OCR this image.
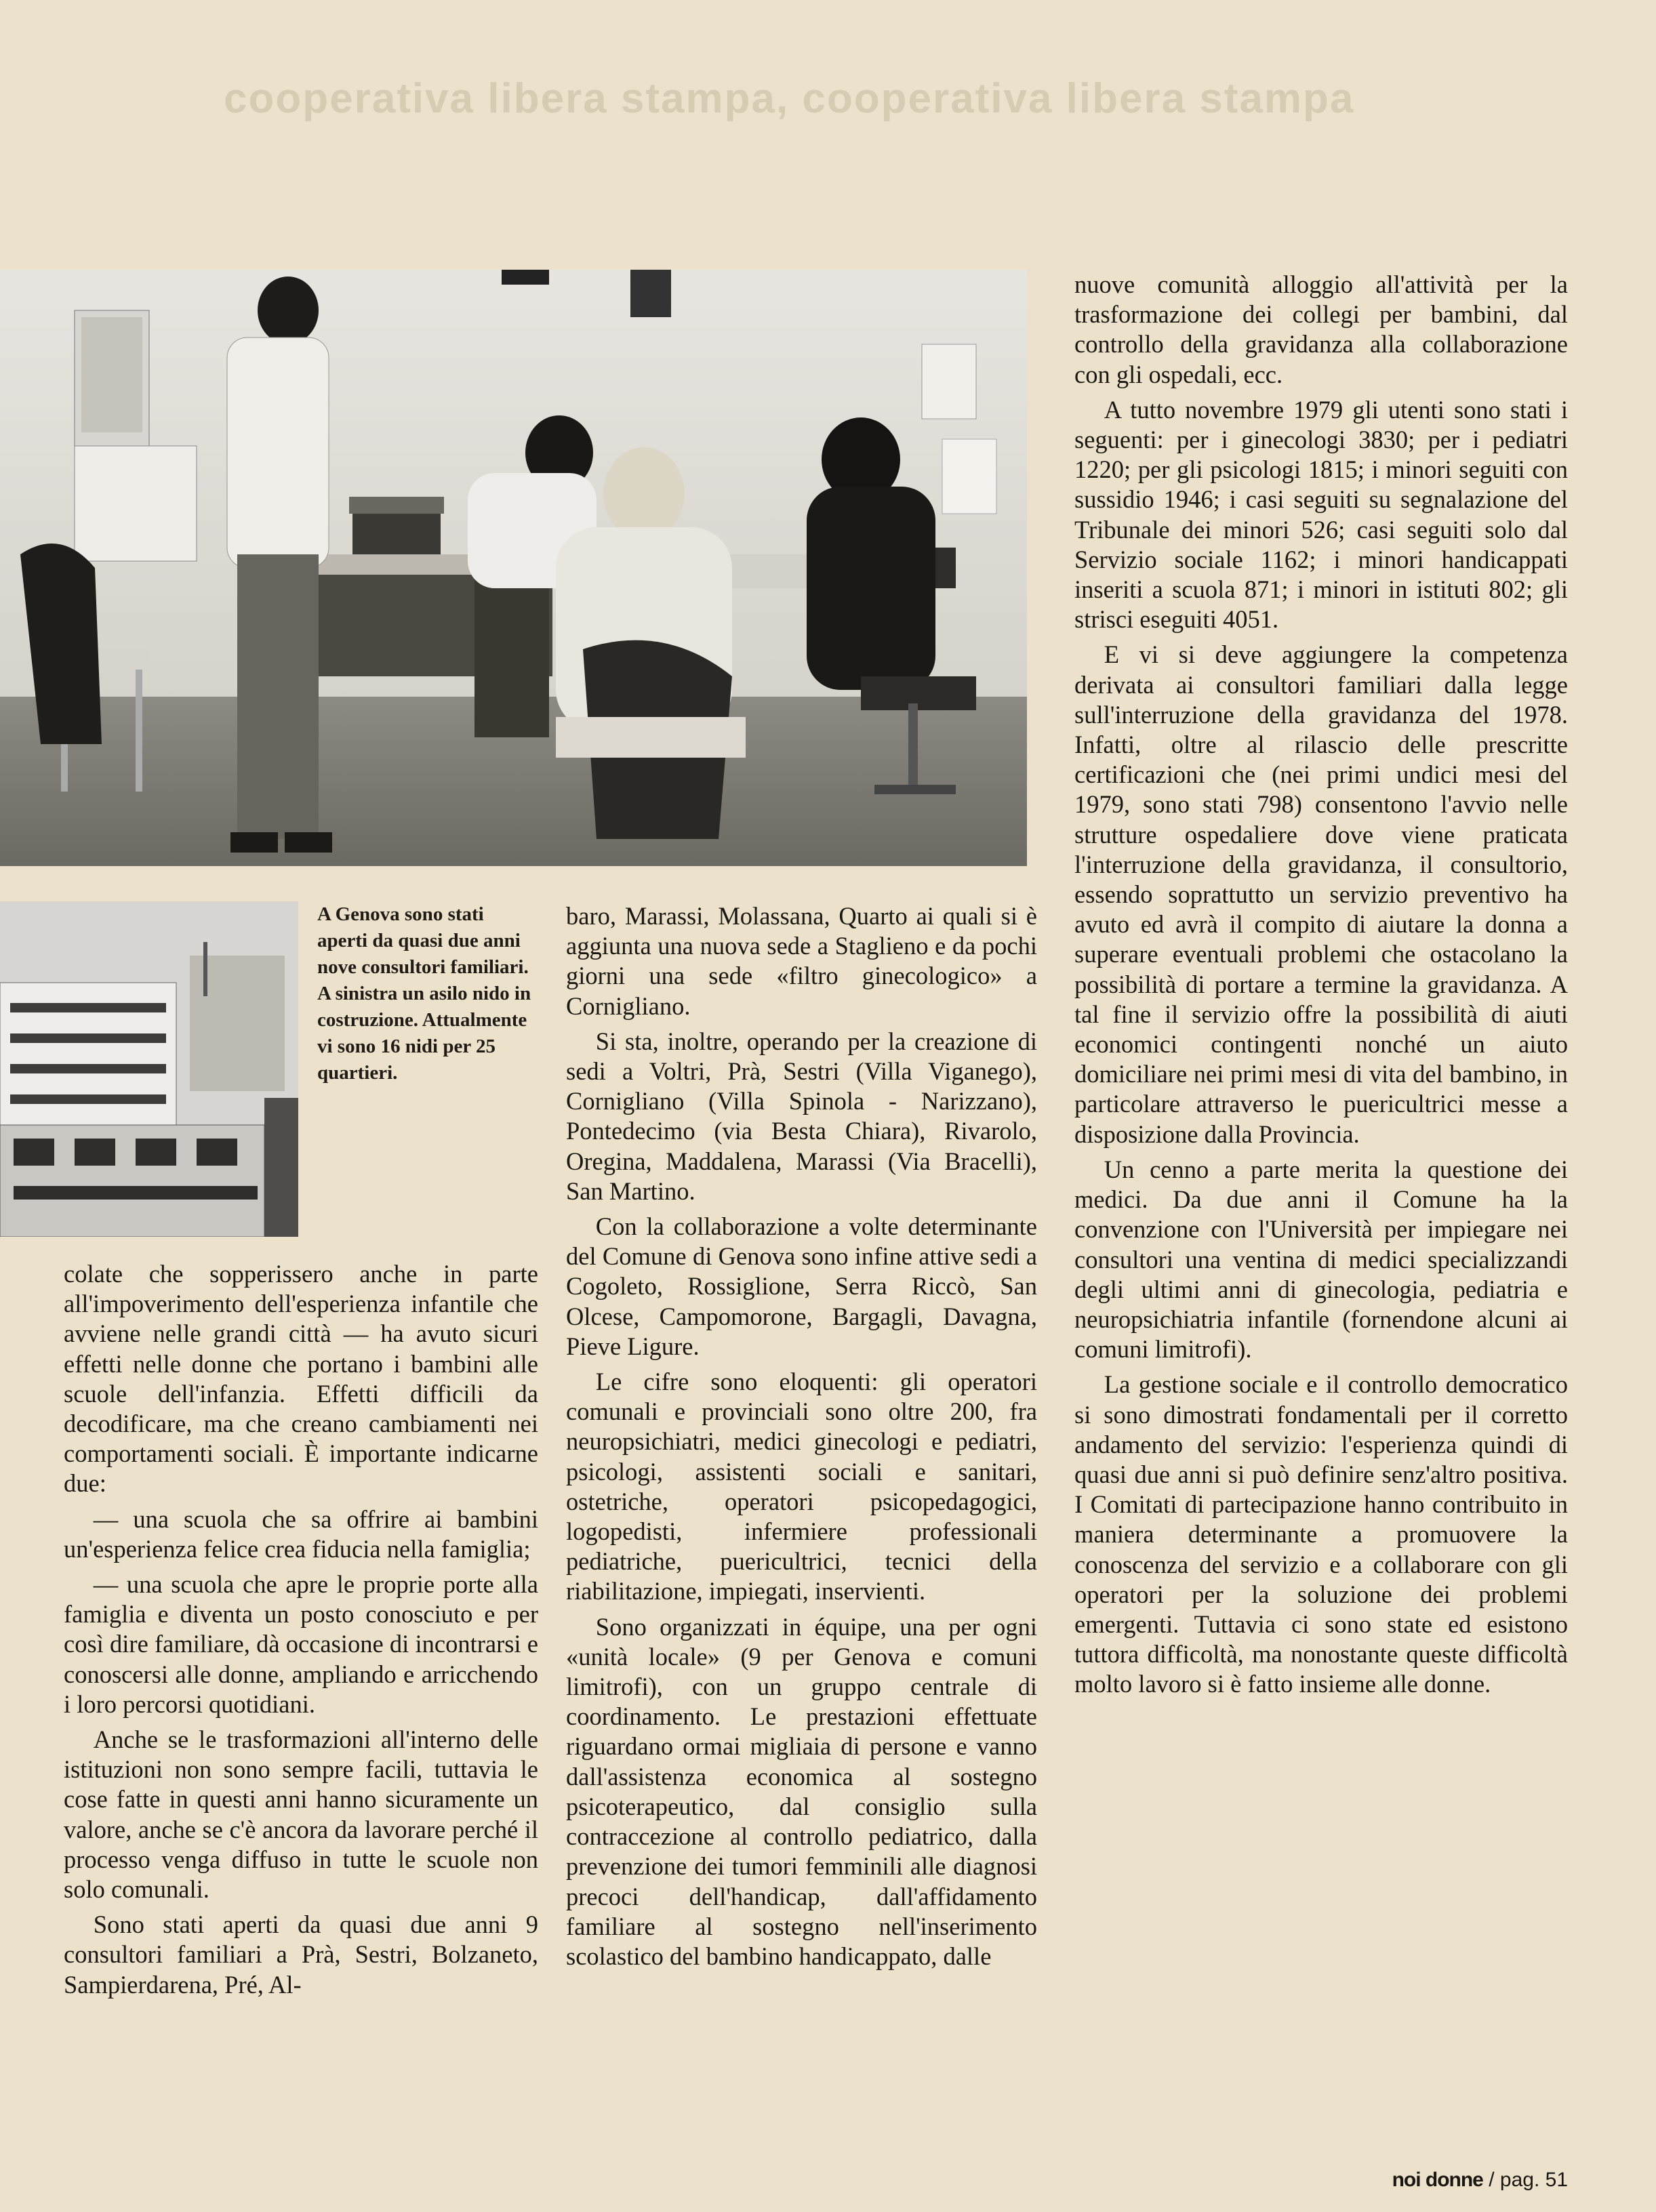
cooperativa libera stampa, cooperativa libera stampa
A Genova sono stati aperti da quasi due anni nove consultori familiari. A sinistra un asilo nido in costruzione. Attualmente vi sono 16 nidi per 25 quartieri.

colate che sopperissero anche in parte all'impoverimento dell'esperienza infantile che avviene nelle grandi città — ha avuto sicuri effetti nelle donne che portano i bambini alle scuole dell'infanzia. Effetti difficili da decodificare, ma che creano cambiamenti nei comportamenti sociali. È importante indicarne due:

— una scuola che sa offrire ai bambini un'esperienza felice crea fiducia nella famiglia;

— una scuola che apre le proprie porte alla famiglia e diventa un posto conosciuto e per così dire familiare, dà occasione di incontrarsi e conoscersi alle donne, ampliando e arricchendo i loro percorsi quotidiani.

Anche se le trasformazioni all'interno delle istituzioni non sono sempre facili, tuttavia le cose fatte in questi anni hanno sicuramente un valore, anche se c'è ancora da lavorare perché il processo venga diffuso in tutte le scuole non solo comunali.

Sono stati aperti da quasi due anni 9 consultori familiari a Prà, Sestri, Bolzaneto, Sampierdarena, Pré, Al-

baro, Marassi, Molassana, Quarto ai quali si è aggiunta una nuova sede a Staglieno e da pochi giorni una sede «filtro ginecologico» a Cornigliano.

Si sta, inoltre, operando per la creazione di sedi a Voltri, Prà, Sestri (Villa Viganego), Cornigliano (Villa Spinola - Narizzano), Pontedecimo (via Besta Chiara), Rivarolo, Oregina, Maddalena, Marassi (Via Bracelli), San Martino.

Con la collaborazione a volte determinante del Comune di Genova sono infine attive sedi a Cogoleto, Rossiglione, Serra Riccò, San Olcese, Campomorone, Bargagli, Davagna, Pieve Ligure.

Le cifre sono eloquenti: gli operatori comunali e provinciali sono oltre 200, fra neuropsichiatri, medici ginecologi e pediatri, psicologi, assistenti sociali e sanitari, ostetriche, operatori psicopedagogici, logopedisti, infermiere professionali pediatriche, puericultrici, tecnici della riabilitazione, impiegati, inservienti.

Sono organizzati in équipe, una per ogni «unità locale» (9 per Genova e comuni limitrofi), con un gruppo centrale di coordinamento. Le prestazioni effettuate riguardano ormai migliaia di persone e vanno dall'assistenza economica al sostegno psicoterapeutico, dal consiglio sulla contraccezione al controllo pediatrico, dalla prevenzione dei tumori femminili alle diagnosi precoci dell'handicap, dall'affidamento familiare al sostegno nell'inserimento scolastico del bambino handicappato, dalle

nuove comunità alloggio all'attività per la trasformazione dei collegi per bambini, dal controllo della gravidanza alla collaborazione con gli ospedali, ecc.

A tutto novembre 1979 gli utenti sono stati i seguenti: per i ginecologi 3830; per i pediatri 1220; per gli psicologi 1815; i minori seguiti con sussidio 1946; i casi seguiti su segnalazione del Tribunale dei minori 526; casi seguiti solo dal Servizio sociale 1162; i minori handicappati inseriti a scuola 871; i minori in istituti 802; gli strisci eseguiti 4051.

E vi si deve aggiungere la competenza derivata ai consultori familiari dalla legge sull'interruzione della gravidanza del 1978. Infatti, oltre al rilascio delle prescritte certificazioni che (nei primi undici mesi del 1979, sono stati 798) consentono l'avvio nelle strutture ospedaliere dove viene praticata l'interruzione della gravidanza, il consultorio, essendo soprattutto un servizio preventivo ha avuto ed avrà il compito di aiutare la donna a superare eventuali problemi che ostacolano la possibilità di portare a termine la gravidanza. A tal fine il servizio offre la possibilità di aiuti economici contingenti nonché un aiuto domiciliare nei primi mesi di vita del bambino, in particolare attraverso le puericultrici messe a disposizione dalla Provincia.

Un cenno a parte merita la questione dei medici. Da due anni il Comune ha la convenzione con l'Università per impiegare nei consultori una ventina di medici specializzandi degli ultimi anni di ginecologia, pediatria e neuropsichiatria infantile (fornendone alcuni ai comuni limitrofi).

La gestione sociale e il controllo democratico si sono dimostrati fondamentali per il corretto andamento del servizio: l'esperienza quindi di quasi due anni si può definire senz'altro positiva. I Comitati di partecipazione hanno contribuito in maniera determinante a promuovere la conoscenza del servizio e a collaborare con gli operatori per la soluzione dei problemi emergenti. Tuttavia ci sono state ed esistono tuttora difficoltà, ma nonostante queste difficoltà molto lavoro si è fatto insieme alle donne.

noi donne / pag. 51
